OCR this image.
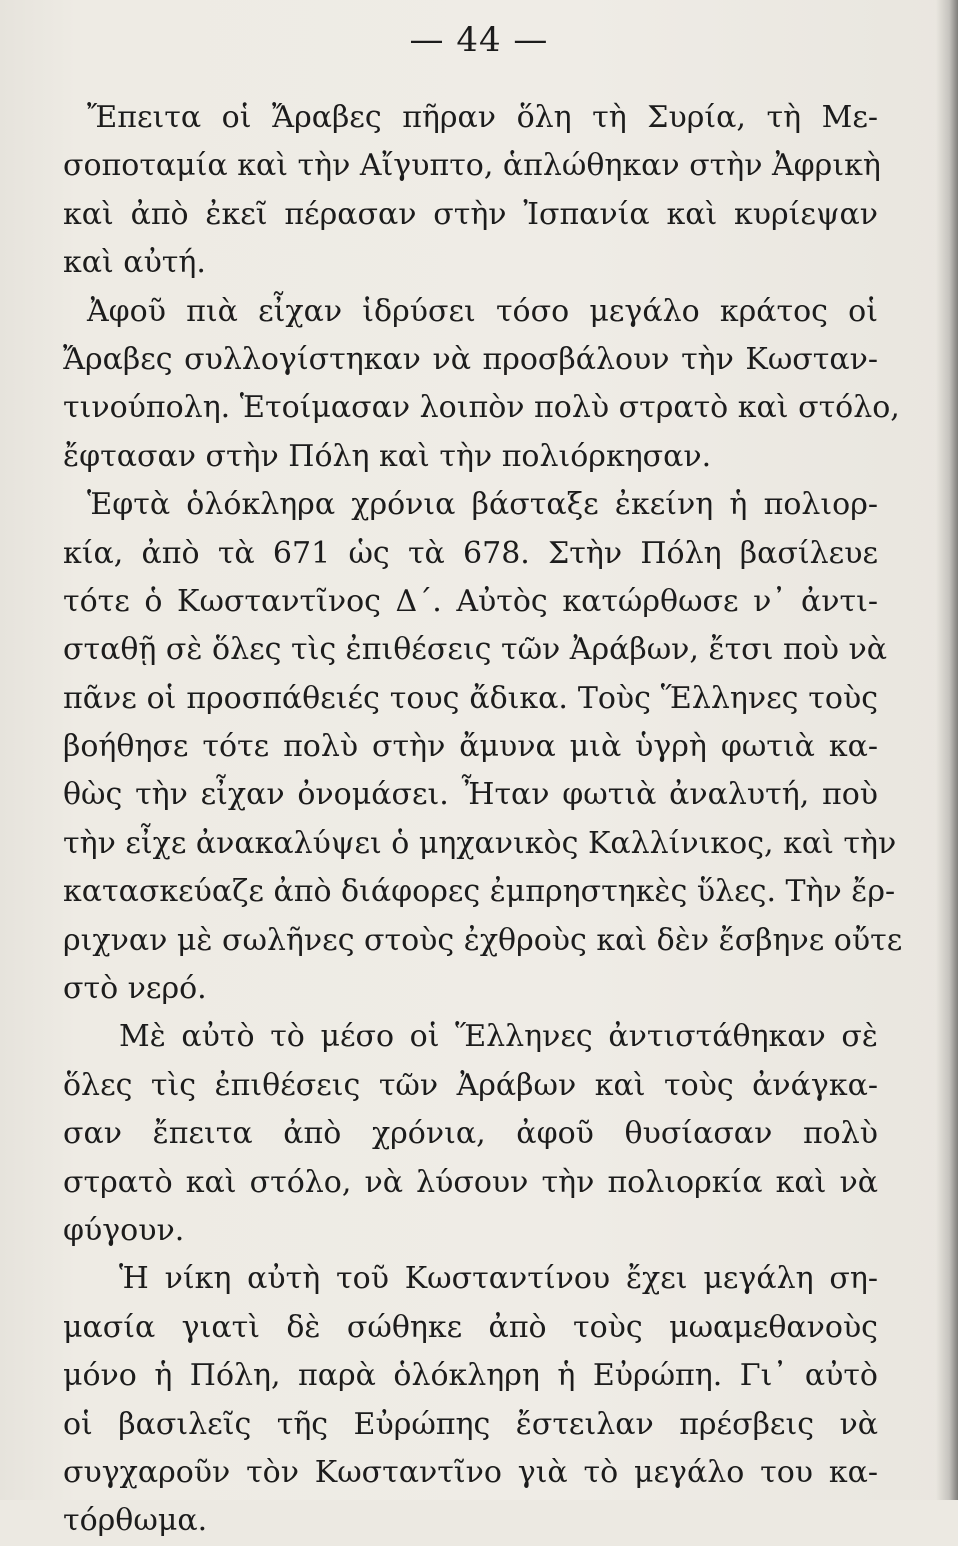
— 44 —
Ἔπειτα οἱ Ἄραβες πῆραν ὅλη τὴ Συρία, τὴ Με-
σοποταμία καὶ τὴν Αἴγυπτο, ἁπλώθηκαν στὴν Ἀφρικὴ
καὶ ἀπὸ ἐκεῖ πέρασαν στὴν Ἰσπανία καὶ κυρίεψαν
καὶ αὐτή.
Ἀφοῦ πιὰ εἶχαν ἱδρύσει τόσο μεγάλο κράτος οἱ
Ἄραβες συλλογίστηκαν νὰ προσβάλουν τὴν Κωσταν-
τινούπολη. Ἑτοίμασαν λοιπὸν πολὺ στρατὸ καὶ στόλο,
ἔφτασαν στὴν Πόλη καὶ τὴν πολιόρκησαν.
Ἑφτὰ ὁλόκληρα χρόνια βάσταξε ἐκείνη ἡ πολιορ-
κία, ἀπὸ τὰ 671 ὡς τὰ 678. Στὴν Πόλη βασίλευε
τότε ὁ Κωσταντῖνος Δ΄. Αὐτὸς κατώρθωσε ν᾿ ἀντι-
σταθῇ σὲ ὅλες τὶς ἐπιθέσεις τῶν Ἀράβων, ἔτσι ποὺ νὰ
πᾶνε οἱ προσπάθειές τους ἄδικα. Τοὺς Ἕλληνες τοὺς
βοήθησε τότε πολὺ στὴν ἄμυνα μιὰ ὑγρὴ φωτιὰ κα-
θὼς τὴν εἶχαν ὀνομάσει. Ἦταν φωτιὰ ἀναλυτή, ποὺ
τὴν εἶχε ἀνακαλύψει ὁ μηχανικὸς Καλλίνικος, καὶ τὴν
κατασκεύαζε ἀπὸ διάφορες ἐμπρηστηκὲς ὕλες. Τὴν ἔρ-
ριχναν μὲ σωλῆνες στοὺς ἐχθροὺς καὶ δὲν ἔσβηνε οὔτε
στὸ νερό.
Μὲ αὐτὸ τὸ μέσο οἱ Ἕλληνες ἀντιστάθηκαν σὲ
ὅλες τὶς ἐπιθέσεις τῶν Ἀράβων καὶ τοὺς ἀνάγκα-
σαν ἔπειτα ἀπὸ χρόνια, ἀφοῦ θυσίασαν πολὺ
στρατὸ καὶ στόλο, νὰ λύσουν τὴν πολιορκία καὶ νὰ
φύγουν.
Ἡ νίκη αὐτὴ τοῦ Κωσταντίνου ἔχει μεγάλη ση-
μασία γιατὶ δὲ σώθηκε ἀπὸ τοὺς μωαμεθανοὺς
μόνο ἡ Πόλη, παρὰ ὁλόκληρη ἡ Εὐρώπη. Γι᾿ αὐτὸ
οἱ βασιλεῖς τῆς Εὐρώπης ἔστειλαν πρέσβεις νὰ
συγχαροῦν τὸν Κωσταντῖνο γιὰ τὸ μεγάλο του κα-
τόρθωμα.
